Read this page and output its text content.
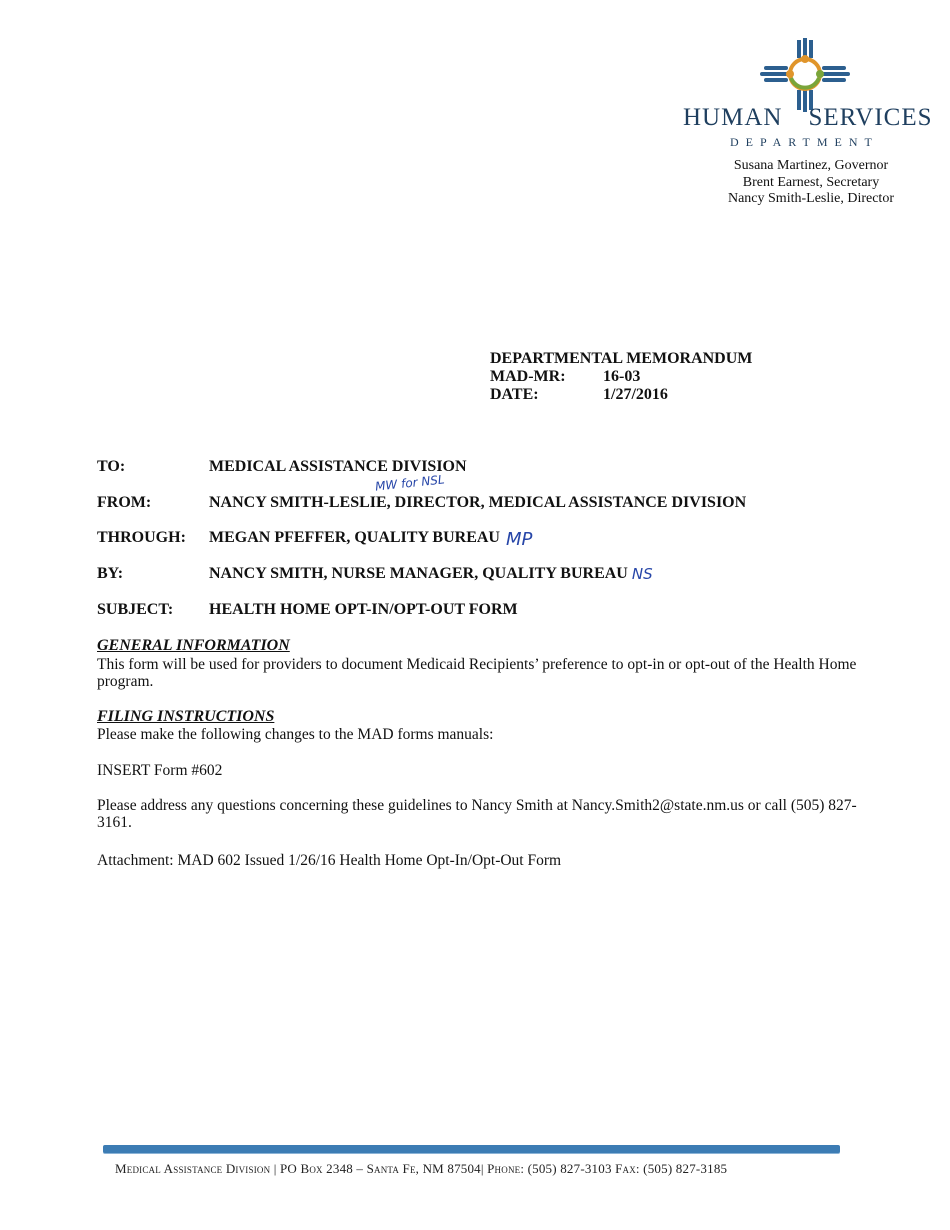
HUMAN SERVICES
DEPARTMENT
Susana Martinez, Governor
Brent Earnest, Secretary
Nancy Smith-Leslie, Director
DEPARTMENTAL MEMORANDUM
MAD-MR:	16-03
DATE:	1/27/2016
TO:	MEDICAL ASSISTANCE DIVISION
MW for NSL
FROM:	NANCY SMITH-LESLIE, DIRECTOR, MEDICAL ASSISTANCE DIVISION
THROUGH:	MEGAN PFEFFER, QUALITY BUREAU MP
BY:	NANCY SMITH, NURSE MANAGER, QUALITY BUREAU NS
SUBJECT:	HEALTH HOME OPT-IN/OPT-OUT FORM
GENERAL INFORMATION
This form will be used for providers to document Medicaid Recipients’ preference to opt-in or opt-out of the Health Home program.
FILING INSTRUCTIONS
Please make the following changes to the MAD forms manuals:
INSERT Form #602
Please address any questions concerning these guidelines to Nancy Smith at Nancy.Smith2@state.nm.us or call (505) 827-3161.
Attachment: MAD 602 Issued 1/26/16 Health Home Opt-In/Opt-Out Form
Medical Assistance Division | PO Box 2348 – Santa Fe, NM 87504| Phone: (505) 827-3103 Fax: (505) 827-3185
